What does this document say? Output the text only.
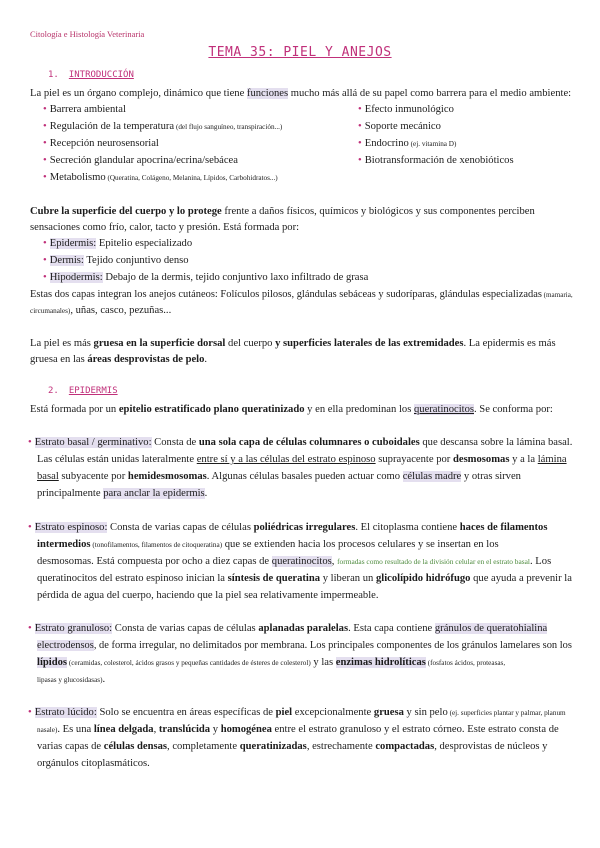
Citología e Histología Veterinaria
TEMA 35: PIEL Y ANEJOS
1. INTRODUCCIÓN
La piel es un órgano complejo, dinámico que tiene funciones mucho más allá de su papel como barrera para el medio ambiente:
• Barrera ambiental
• Regulación de la temperatura (del flujo sanguíneo, transpiración...)
• Recepción neurosensorial
• Secreción glandular apocrina/ecrina/sebácea
• Metabolismo (Queratina, Colágeno, Melanina, Lípidos, Carbohidratos...)
• Efecto inmunológico
• Soporte mecánico
• Endocrino (ej. vitamina D)
• Biotransformación de xenobióticos
Cubre la superficie del cuerpo y lo protege frente a daños físicos, químicos y biológicos y sus componentes perciben
sensaciones como frío, calor, tacto y presión. Está formada por:
• Epidermis: Epitelio especializado
• Dermis: Tejido conjuntivo denso
• Hipodermis: Debajo de la dermis, tejido conjuntivo laxo infiltrado de grasa
Estas dos capas integran los anejos cutáneos: Folículos pilosos, glándulas sebáceas y sudoríparas, glándulas especializadas (mamaria,
circumanales), uñas, casco, pezuñas...
La piel es más gruesa en la superficie dorsal del cuerpo y superficies laterales de las extremidades. La epidermis es más
gruesa en las áreas desprovistas de pelo.
2. EPIDERMIS
Está formada por un epitelio estratificado plano queratinizado y en ella predominan los queratinocitos. Se conforma por:
• Estrato basal / germinativo: Consta de una sola capa de células columnares o cuboidales que descansa sobre la lámina basal.
Las células están unidas lateralmente entre sí y a las células del estrato espinoso suprayacente por desmosomas y a la lámina
basal subyacente por hemidesmosomas. Algunas células basales pueden actuar como células madre y otras sirven
principalmente para anclar la epidermis.
• Estrato espinoso: Consta de varias capas de células poliédricas irregulares. El citoplasma contiene haces de filamentos
intermedios (tonofilamentos, filamentos de citoqueratina) que se extienden hacia los procesos celulares y se insertan en los
desmosomas. Está compuesta por ocho a diez capas de queratinocitos, formadas como resultado de la división celular en el estrato basal. Los
queratinocitos del estrato espinoso inician la síntesis de queratina y liberan un glicolípido hidrófugo que ayuda a prevenir la
pérdida de agua del cuerpo, haciendo que la piel sea relativamente impermeable.
• Estrato granuloso: Consta de varias capas de células aplanadas paralelas. Esta capa contiene gránulos de queratohialina
electrodensos, de forma irregular, no delimitados por membrana. Los principales componentes de los gránulos lamelares son los
lípidos (ceramidas, colesterol, ácidos grasos y pequeñas cantidades de ésteres de colesterol) y las enzimas hidrolíticas (fosfatos ácidos, proteasas,
lipasas y glucosidasas).
• Estrato lúcido: Solo se encuentra en áreas específicas de piel excepcionalmente gruesa y sin pelo (ej. superficies plantar y palmar, planum
nasale). Es una línea delgada, translúcida y homogénea entre el estrato granuloso y el estrato córneo. Este estrato consta de
varias capas de células densas, completamente queratinizadas, estrechamente compactadas, desprovistas de núcleos y
orgánulos citoplasmáticos.
